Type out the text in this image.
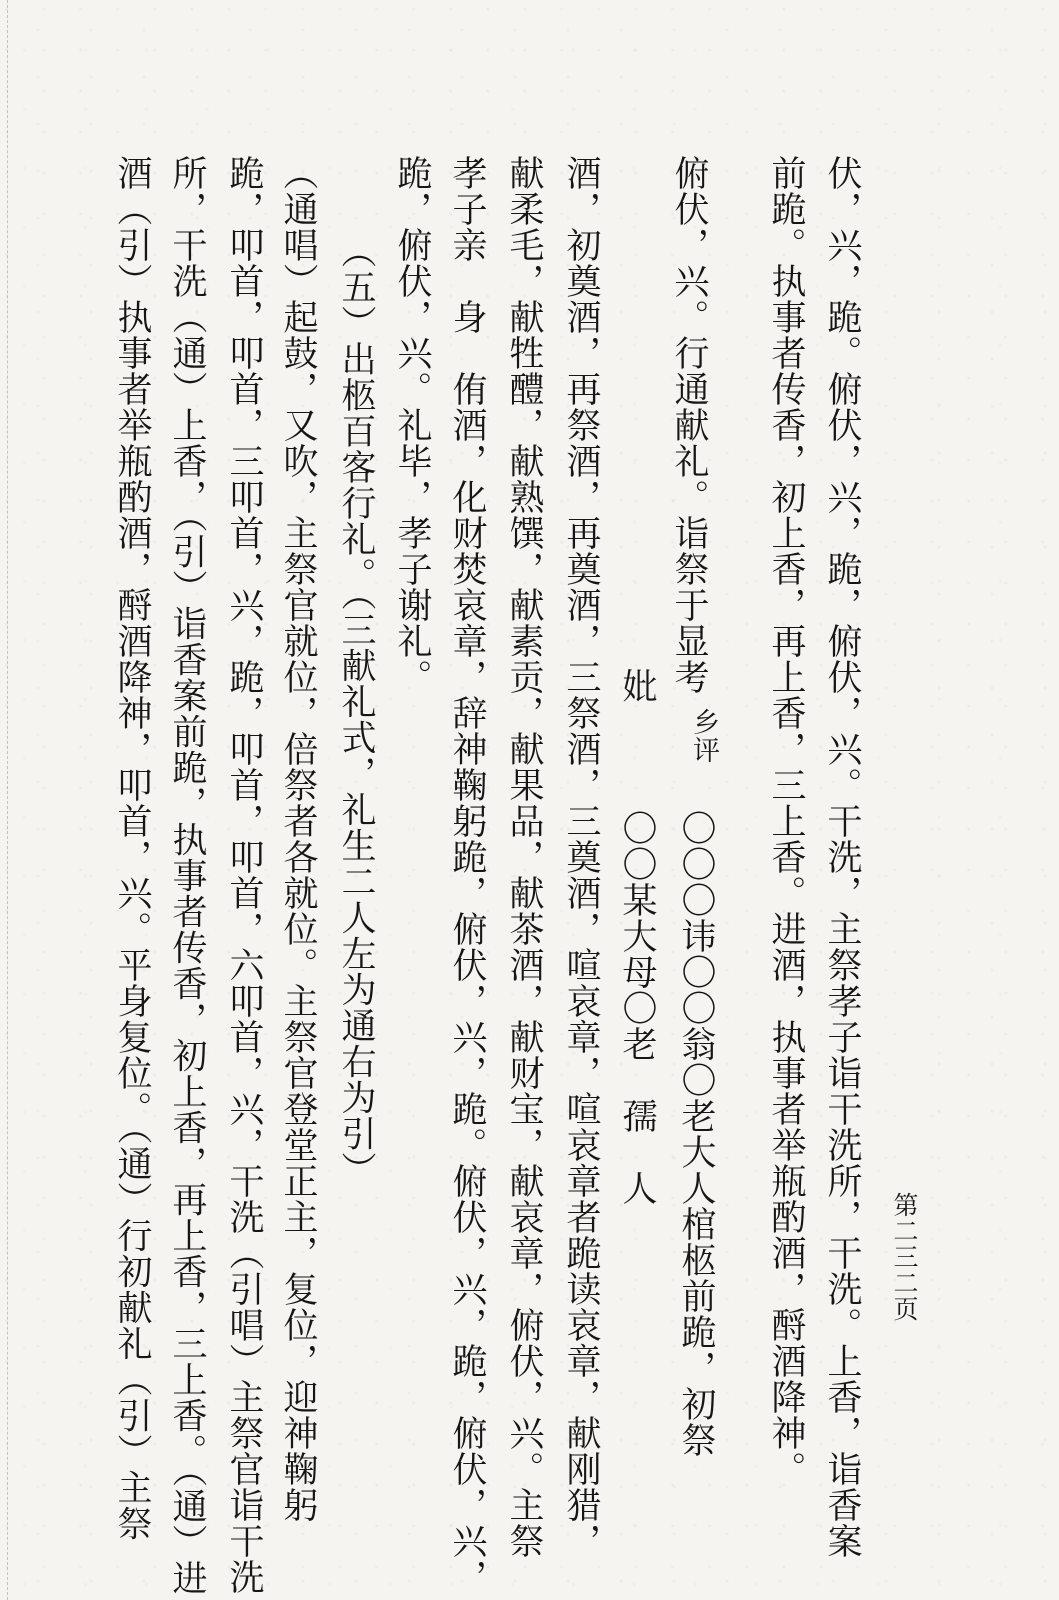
第二三二页
伏，兴，跪。俯伏，兴，跪，俯伏，兴。干洗，主祭孝子诣干洗所，干洗。上香，诣香案
前跪。执事者传香，初上香，再上香，三上香。进酒，执事者举瓶酌酒，酹酒降神。
俯伏，兴。行通献礼。诣祭于显考
乡评
妣
〇〇〇讳〇〇翁〇老大人棺柩前跪，初祭
〇〇某大母〇老　孺　人
酒，初奠酒，再祭酒，再奠酒，三祭酒，三奠酒，喧哀章，喧哀章者跪读哀章，献刚猎，
献柔毛，献牲醴，献熟馔，献素贡，献果品，献茶酒，献财宝，献哀章，俯伏，兴。主祭
孝子亲　身　侑酒，化财焚哀章，辞神鞠躬跪，俯伏，兴，跪。俯伏，兴，跪，俯伏，兴，
跪，俯伏，兴。礼毕，孝子谢礼。
（五）出柩百客行礼。（三献礼式，礼生二人左为通右为引）
（通唱）起鼓，又吹，主祭官就位，倍祭者各就位。主祭官登堂正主，复位，迎神鞠躬
跪，叩首，叩首，三叩首，兴，跪，叩首，叩首，六叩首，兴，干洗（引唱）主祭官诣干洗
所，干洗（通）上香，（引）诣香案前跪，执事者传香，初上香，再上香，三上香。（通）进
酒（引）执事者举瓶酌酒，酹酒降神，叩首，兴。平身复位。（通）行初献礼（引）主祭
